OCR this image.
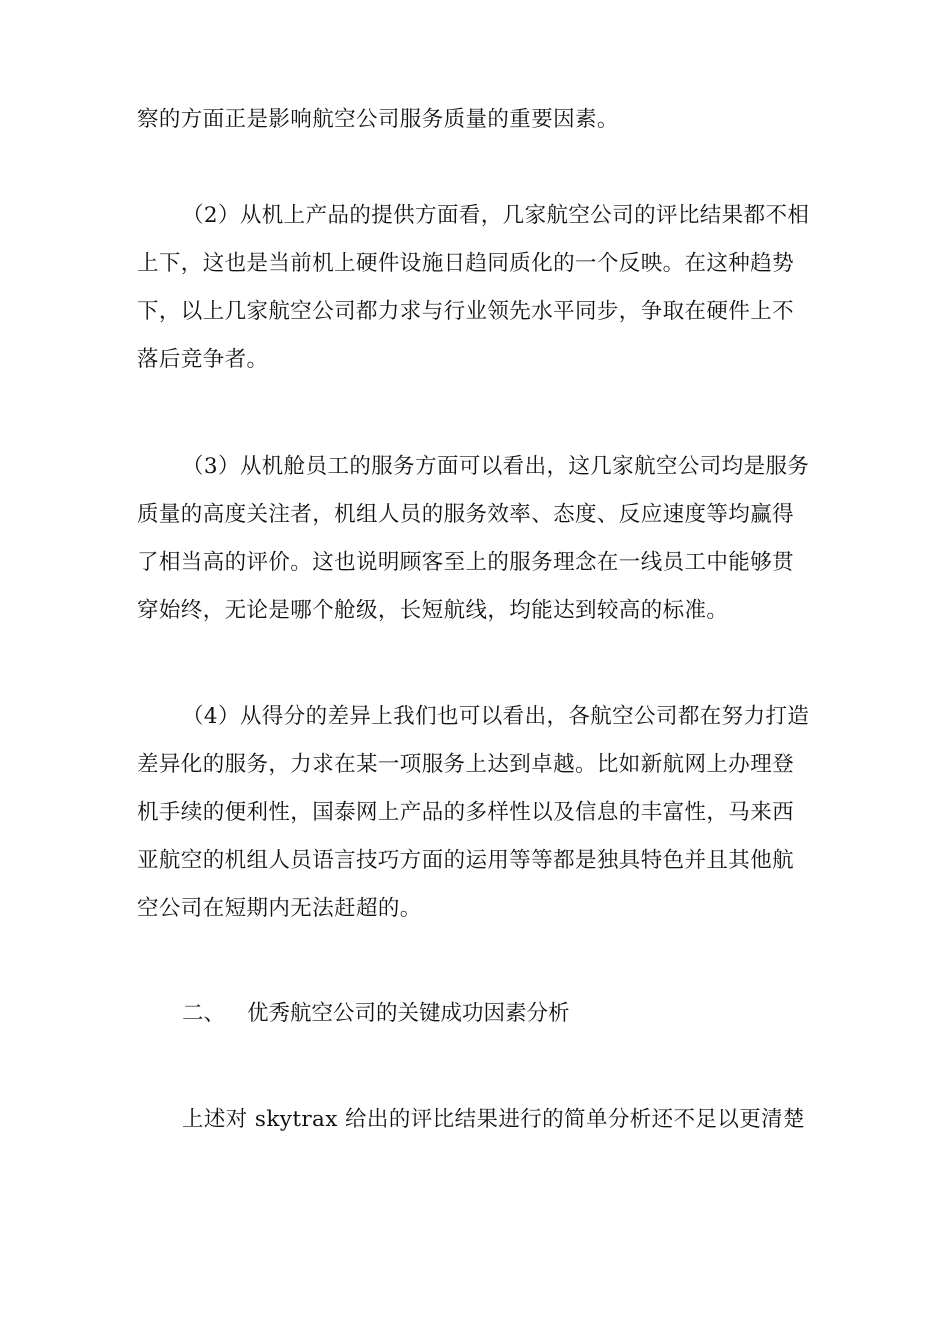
察的方面正是影响航空公司服务质量的重要因素。

（2）从机上产品的提供方面看，几家航空公司的评比结果都不相
上下，这也是当前机上硬件设施日趋同质化的一个反映。在这种趋势
下，以上几家航空公司都力求与行业领先水平同步，争取在硬件上不
落后竞争者。

（3）从机舱员工的服务方面可以看出，这几家航空公司均是服务
质量的高度关注者，机组人员的服务效率、态度、反应速度等均赢得
了相当高的评价。这也说明顾客至上的服务理念在一线员工中能够贯
穿始终，无论是哪个舱级，长短航线，均能达到较高的标准。

（4）从得分的差异上我们也可以看出，各航空公司都在努力打造
差异化的服务，力求在某一项服务上达到卓越。比如新航网上办理登
机手续的便利性，国泰网上产品的多样性以及信息的丰富性，马来西
亚航空的机组人员语言技巧方面的运用等等都是独具特色并且其他航
空公司在短期内无法赶超的。

二、 优秀航空公司的关键成功因素分析

上述对 skytrax 给出的评比结果进行的简单分析还不足以更清楚
